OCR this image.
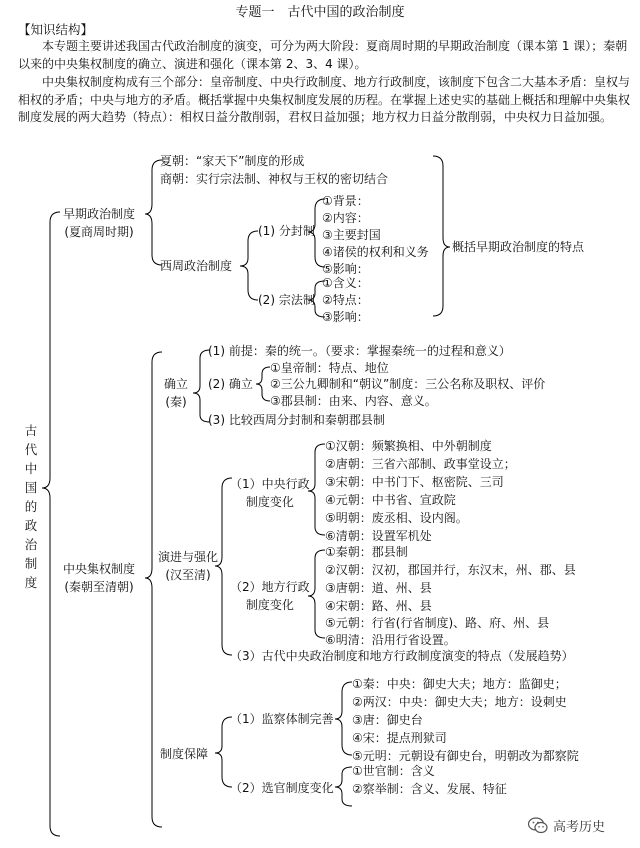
专题一　古代中国的政治制度
【知识结构】
本专题主要讲述我国古代政治制度的演变，可分为两大阶段：夏商周时期的早期政治制度（课本第 1 课）；秦朝以来的中央集权制度的确立、演进和强化（课本第 2、3、4 课）。
中央集权制度构成有三个部分：皇帝制度、中央行政制度、地方行政制度，该制度下包含二大基本矛盾：皇权与相权的矛盾；中央与地方的矛盾。概括掌握中央集权制度发展的历程。在掌握上述史实的基础上概括和理解中央集权制度发展的两大趋势（特点）：相权日益分散削弱，君权日益加强；地方权力日益分散削弱，中央权力日益加强。
古代中国的政治制度
早期政治制度
(夏商周时期)
夏朝：“家天下”制度的形成
商朝：实行宗法制、神权与王权的密切结合
西周政治制度
(1) 分封制
①背景：
②内容：
③主要封国
④诸侯的权利和义务
⑤影响：
(2) 宗法制
①含义：
②特点：
③影响：
概括早期政治制度的特点
中央集权制度
(秦朝至清朝)
确立
(秦)
(1) 前提：秦的统一。（要求：掌握秦统一的过程和意义）
(2) 确立
①皇帝制：特点、地位
②三公九卿制和“朝议”制度：三公名称及职权、评价
③郡县制：由来、内容、意义。
(3) 比较西周分封制和秦朝郡县制
演进与强化
(汉至清)
（1）中央行政
制度变化
①汉朝：频繁换相、中外朝制度
②唐朝：三省六部制、政事堂设立；
③宋朝：中书门下、枢密院、三司
④元朝：中书省、宣政院
⑤明朝：废丞相、设内阁。
⑥清朝：设置军机处
（2）地方行政
制度变化
①秦朝：郡县制
②汉朝：汉初，郡国并行，东汉末，州、郡、县
③唐朝：道、州、县
④宋朝：路、州、县
⑤元朝：行省(行省制度)、路、府、州、县
⑥明清：沿用行省设置。
（3）古代中央政治制度和地方行政制度演变的特点（发展趋势）
制度保障
（1）监察体制完善
①秦：中央：御史大夫；地方：监御史；
②两汉：中央：御史大夫；地方：设刺史
③唐：御史台
④宋：提点刑狱司
⑤元明：元朝设有御史台，明朝改为都察院
（2）选官制度变化
①世官制：含义
②察举制：含义、发展、特征
高考历史
